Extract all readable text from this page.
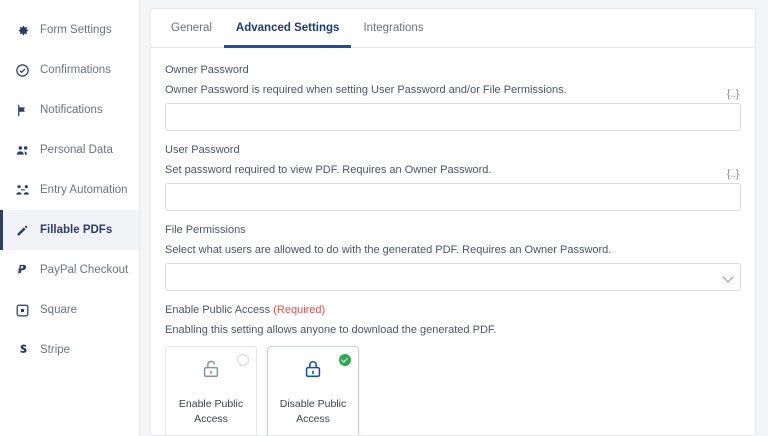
Form Settings
Confirmations
Notifications
Personal Data
Entry Automation
Fillable PDFs
PayPal Checkout
Square
Stripe
General	Advanced Settings	Integrations
Owner Password
Owner Password is required when setting User Password and/or File Permissions.	{..}
User Password
Set password required to view PDF. Requires an Owner Password.	{..}
File Permissions
Select what users are allowed to do with the generated PDF. Requires an Owner Password.
Enable Public Access (Required)
Enabling this setting allows anyone to download the generated PDF.
Enable Public Access
Disable Public Access
